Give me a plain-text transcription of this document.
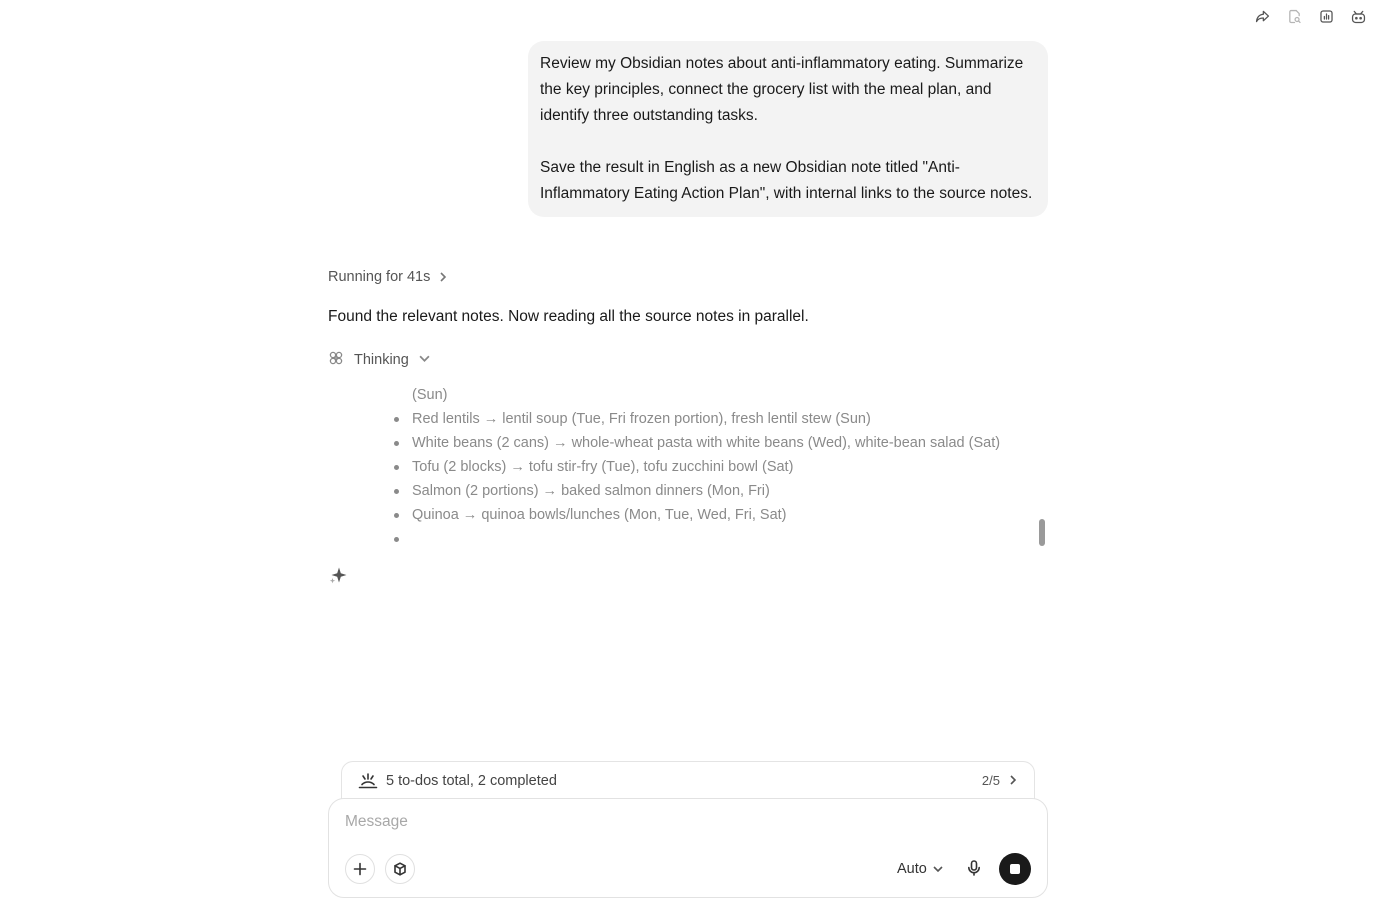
Review my Obsidian notes about anti-inflammatory eating. Summarize the key principles, connect the grocery list with the meal plan, and identify three outstanding tasks.

Save the result in English as a new Obsidian note titled "Anti-Inflammatory Eating Action Plan", with internal links to the source notes.

Running for 41s
Found the relevant notes. Now reading all the source notes in parallel.
Thinking
(Sun)
Red lentils → lentil soup (Tue, Fri frozen portion), fresh lentil stew (Sun)
White beans (2 cans) → whole-wheat pasta with white beans (Wed), white-bean salad (Sat)
Tofu (2 blocks) → tofu stir-fry (Tue), tofu zucchini bowl (Sat)
Salmon (2 portions) → baked salmon dinners (Mon, Fri)
Quinoa → quinoa bowls/lunches (Mon, Tue, Wed, Fri, Sat)
5 to-dos total, 2 completed	2/5
Message
Auto
